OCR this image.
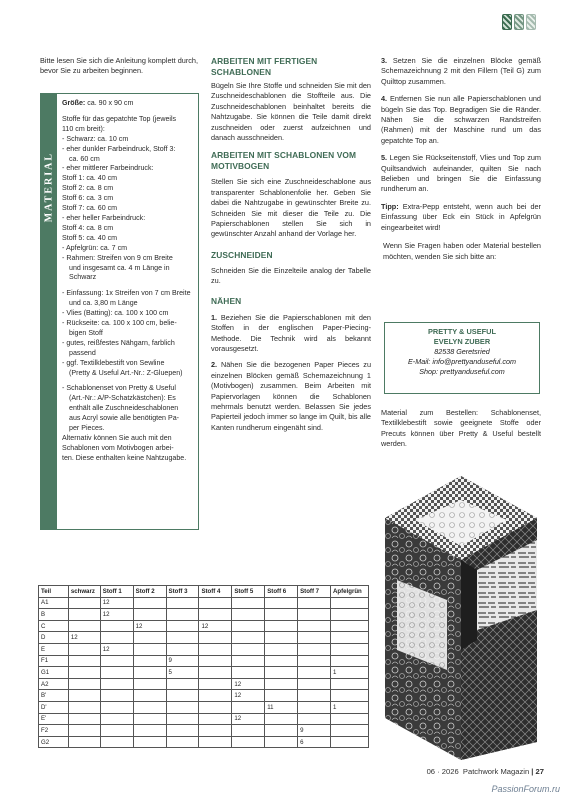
Bitte lesen Sie sich die Anleitung komplett durch, bevor Sie zu arbeiten beginnen.

MATERIAL
Größe: ca. 90 x 90 cm
Stoffe für das gepatchte Top (jeweils
110 cm breit):
- Schwarz: ca. 10 cm
- eher dunkler Farbeindruck, Stoff 3:
ca. 60 cm
- eher mittlerer Farbeindruck:
Stoff 1: ca. 40 cm
Stoff 2: ca. 8 cm
Stoff 6: ca. 3 cm
Stoff 7: ca. 60 cm
- eher heller Farbeindruck:
Stoff 4: ca. 8 cm
Stoff 5: ca. 40 cm
- Apfelgrün: ca. 7 cm
- Rahmen: Streifen von 9 cm Breite
und insgesamt ca. 4 m Länge in
Schwarz
- Einfassung: 1x Streifen von 7 cm Breite
und ca. 3,80 m Länge
- Vlies (Batting): ca. 100 x 100 cm
- Rückseite: ca. 100 x 100 cm, belie-
bigen Stoff
- gutes, reißfestes Nähgarn, farblich
passend
- ggf. Textilklebestift von Sewline
(Pretty & Useful Art.-Nr.: Z-Gluepen)
- Schablonenset von Pretty & Useful
(Art.-Nr.: A/P-Schatzkästchen): Es
enthält alle Zuschneideschablonen
aus Acryl sowie alle benötigten Pa-
per Pieces.
Alternativ können Sie auch mit den
Schablonen vom Motivbogen arbei-
ten. Diese enthalten keine Nahtzugabe.
ARBEITEN MIT FERTIGEN SCHABLONEN

Bügeln Sie Ihre Stoffe und schneiden Sie mit den Zuschneideschablonen die Stoffteile aus. Die Zuschneideschablonen beinhaltet bereits die Nahtzugabe. Sie können die Teile damit direkt zuschneiden oder zuerst aufzeichnen und danach ausschneiden.

ARBEITEN MIT SCHABLONEN VOM MOTIVBOGEN

Stellen Sie sich eine Zuschneideschablone aus transparenter Schablonenfolie her. Geben Sie dabei die Nahtzugabe in gewünschter Breite zu. Schneiden Sie mit dieser die Teile zu. Die Papierschablonen stellen Sie sich in gewünschter Anzahl anhand der Vorlage her.

ZUSCHNEIDEN

Schneiden Sie die Einzelteile analog der Tabelle zu.

NÄHEN

1. Beziehen Sie die Papierschablonen mit den Stoffen in der englischen Paper-Piecing-Methode. Die Technik wird als bekannt vorausgesetzt.

2. Nähen Sie die bezogenen Paper Pieces zu einzelnen Blöcken gemäß Schemazeichnung 1 (Motivbogen) zusammen. Beim Arbeiten mit Papiervorlagen können die Schablonen mehrmals benutzt werden. Belassen Sie jedes Papierteil jedoch immer so lange im Quilt, bis alle Kanten rundherum eingenäht sind.

3. Setzen Sie die einzelnen Blöcke gemäß Schemazeichnung 2 mit den Fillern (Teil G) zum Quilttop zusammen.

4. Entfernen Sie nun alle Papierschablonen und bügeln Sie das Top. Begradigen Sie die Ränder. Nähen Sie die schwarzen Randstreifen (Rahmen) mit der Maschine rund um das gepatchte Top an.

5. Legen Sie Rückseitenstoff, Vlies und Top zum Quiltsandwich aufeinander, quilten Sie nach Belieben und bringen Sie die Einfassung rundherum an.

Tipp: Extra-Pepp entsteht, wenn auch bei der Einfassung über Eck ein Stück in Apfelgrün eingearbeitet wird!

Wenn Sie Fragen haben oder Material bestellen möchten, wenden Sie sich bitte an:

PRETTY & USEFUL
EVELYN ZUBER
82538 Geretsried
E-Mail: info@prettyanduseful.com
Shop: prettyanduseful.com

Material zum Bestellen: Schablonenset, Textilklebestift sowie geeignete Stoffe oder Precuts können über Pretty & Useful bestellt werden.

Teil	schwarz	Stoff 1	Stoff 2	Stoff 3	Stoff 4	Stoff 5	Stoff 6	Stoff 7	Apfelgrün
A1		12							
B		12							
C			12		12				
D	12								
E		12							
F1				9					
G1				5					1
A2						12			
B'						12			
D'							11		1
E'						12			
F2								9	
G2								6	
06 · 2026 Patchwork Magazin | 27
PassionForum.ru
